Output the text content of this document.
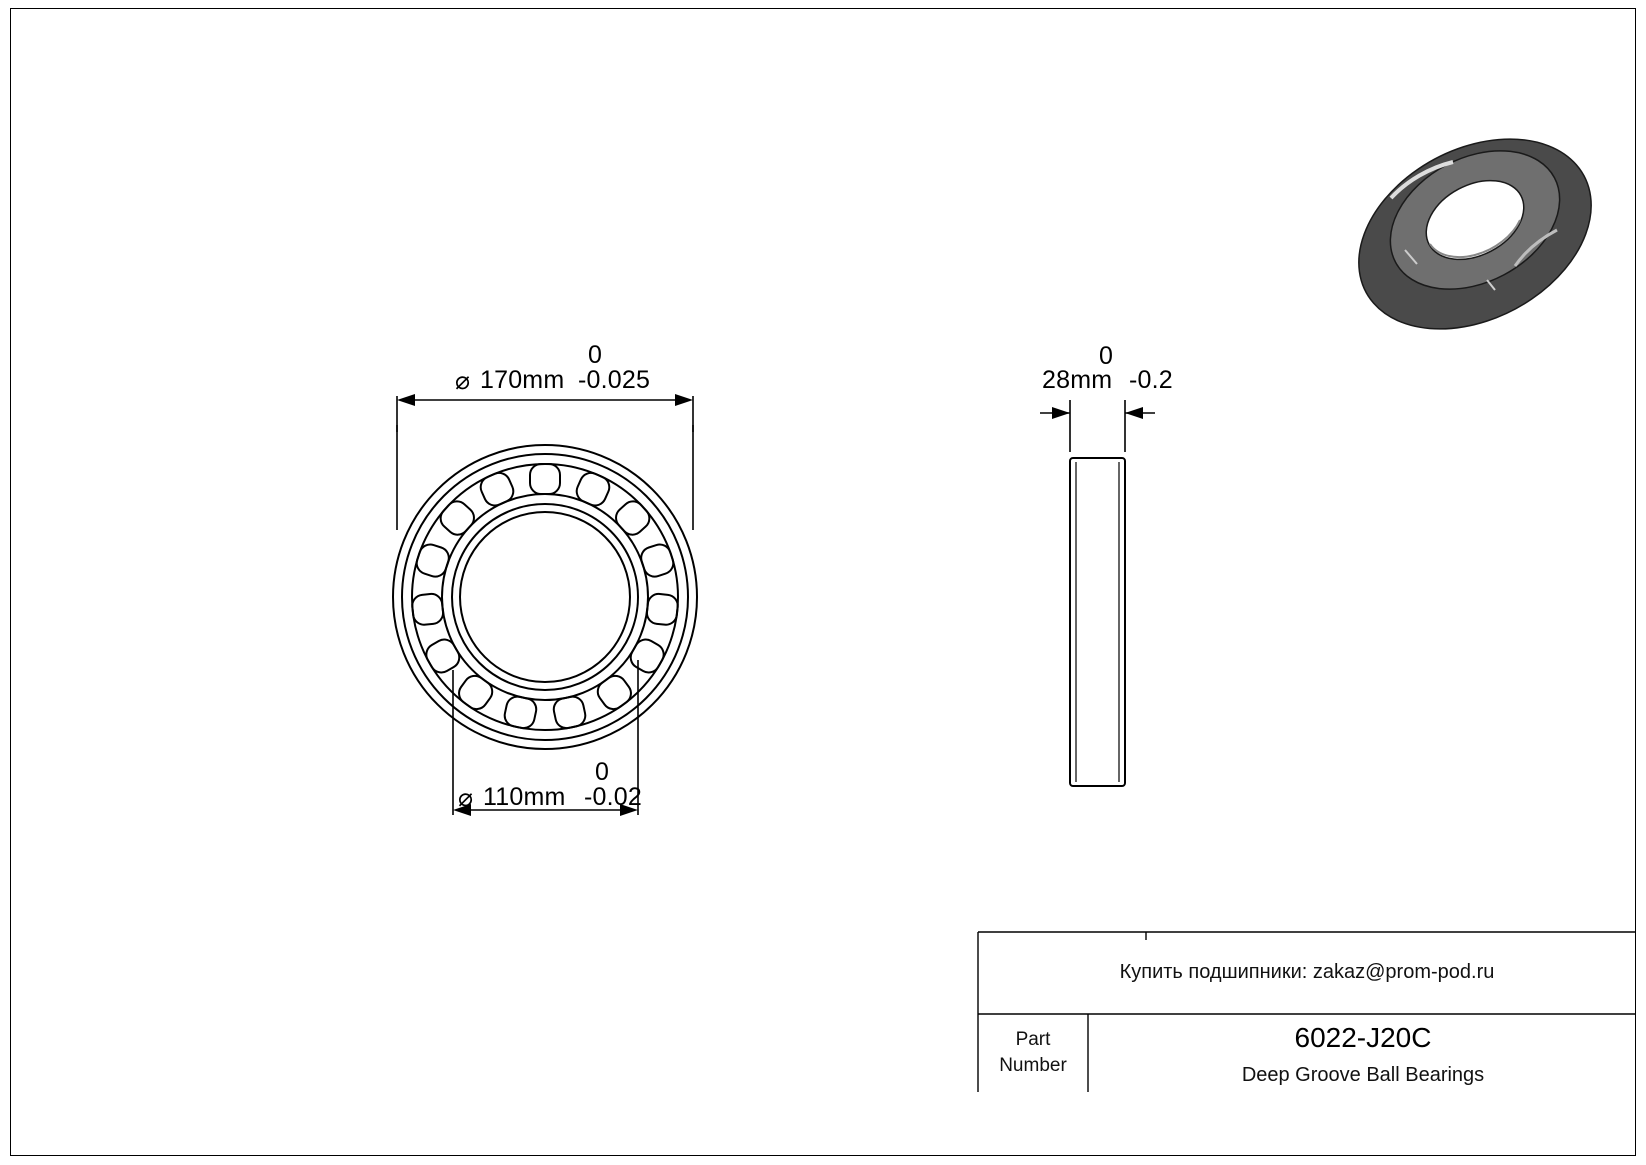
0
⌀ 170mm -0.025
0
⌀ 110mm -0.02
0
28mm -0.2
Купить подшипники: zakaz@prom-pod.ru
Part
Number
6022-J20C
Deep Groove Ball Bearings
